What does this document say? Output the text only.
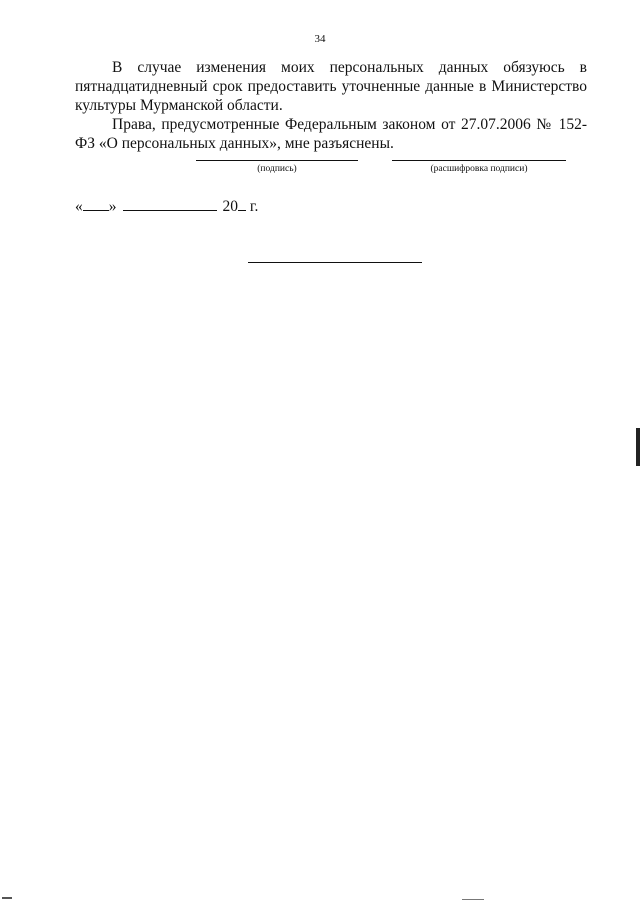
34

В случае изменения моих персональных данных обязуюсь в пятнадцатидневный срок предоставить уточненные данные в Министерство культуры Мурманской области.

Права, предусмотренные Федеральным законом от 27.07.2006 № 152-ФЗ «О персональных данных», мне разъяснены.

(подпись)	(расшифровка подписи)
« »	20 г.
